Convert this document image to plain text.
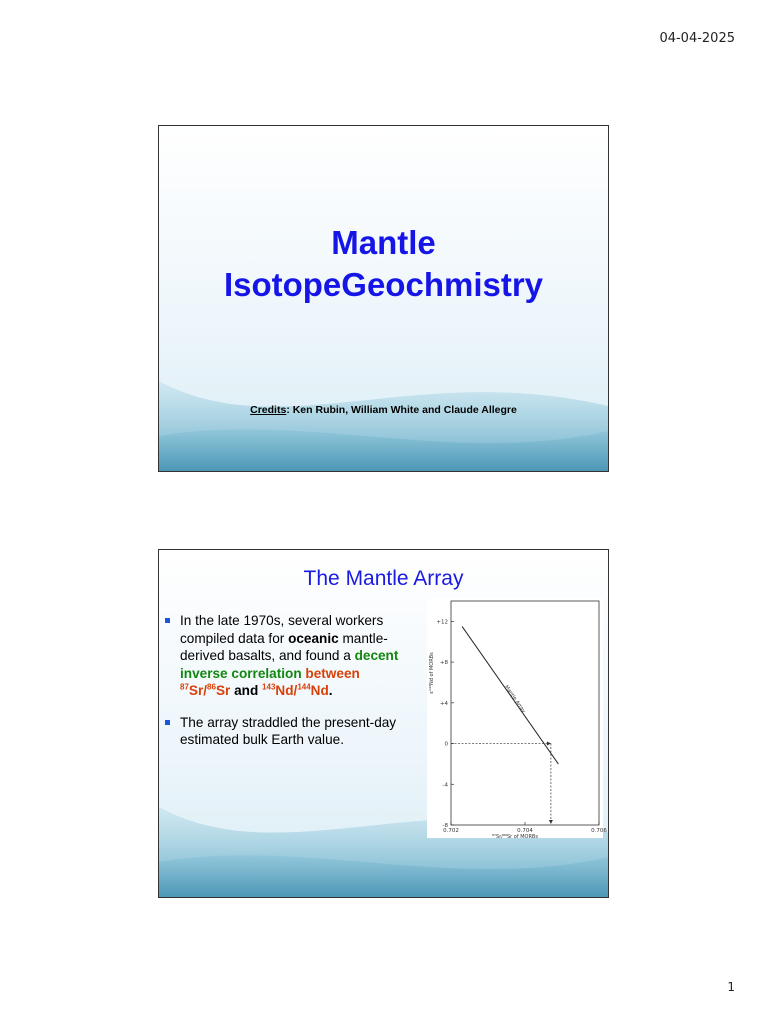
04-04-2025
Mantle
IsotopeGeochmistry
Credits: Ken Rubin, William White and Claude Allegre
The Mantle Array
In the late 1970s, several workers compiled data for oceanic mantle-derived basalts, and found a decent inverse correlation between
$^{87}$Sr/$^{86}$Sr and $^{143}$Nd/$^{144}$Nd.
The array straddled the present-day estimated bulk Earth value.
+12
+8
+4
0
-4
-8
0.702	0.704	0.706
⁸⁷Sr/⁸⁶Sr of MORBs
ε¹⁴³Nd of MORBs
Mantle Array
1
